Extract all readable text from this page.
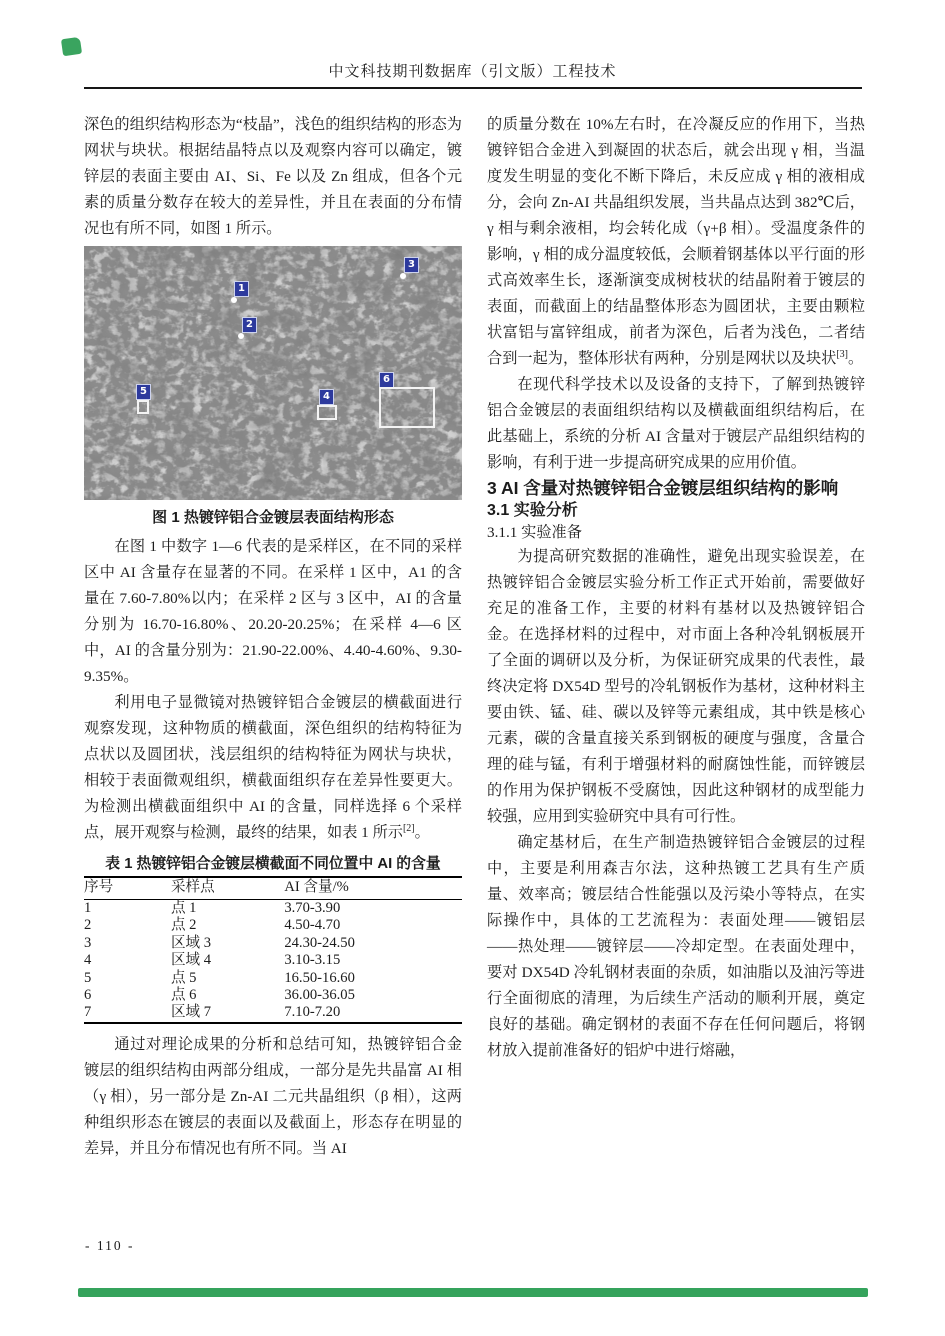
中文科技期刊数据库（引文版）工程技术

深色的组织结构形态为“枝晶”，浅色的组织结构的形态为网状与块状。根据结晶特点以及观察内容可以确定，镀锌层的表面主要由 AI、Si、Fe 以及 Zn 组成，但各个元素的质量分数存在较大的差异性，并且在表面的分布情况也有所不同，如图 1 所示。

1
2
3
4
5
6
图 1 热镀锌铝合金镀层表面结构形态

在图 1 中数字 1—6 代表的是采样区，在不同的采样区中 AI 含量存在显著的不同。在采样 1 区中，A1 的含量在 7.60-7.80%以内；在采样 2 区与 3 区中，AI 的含量分别为 16.70-16.80%、20.20-20.25%；在采样 4—6 区中，AI 的含量分别为：21.90-22.00%、4.40-4.60%、9.30-9.35%。

利用电子显微镜对热镀锌铝合金镀层的横截面进行观察发现，这种物质的横截面，深色组织的结构特征为点状以及圆团状，浅层组织的结构特征为网状与块状，相较于表面微观组织，横截面组织存在差异性要更大。为检测出横截面组织中 AI 的含量，同样选择 6 个采样点，展开观察与检测，最终的结果，如表 1 所示[2]。

表 1 热镀锌铝合金镀层横截面不同位置中 AI 的含量
序号	采样点	AI 含量/%
1	点 1	3.70-3.90
2	点 2	4.50-4.70
3	区域 3	24.30-24.50
4	区域 4	3.10-3.15
5	点 5	16.50-16.60
6	点 6	36.00-36.05
7	区域 7	7.10-7.20

通过对理论成果的分析和总结可知，热镀锌铝合金镀层的组织结构由两部分组成，一部分是先共晶富 AI 相（γ 相），另一部分是 Zn-AI 二元共晶组织（β 相），这两种组织形态在镀层的表面以及截面上，形态存在明显的差异，并且分布情况也有所不同。当 AI

的质量分数在 10%左右时，在冷凝反应的作用下，当热镀锌铝合金进入到凝固的状态后，就会出现 γ 相，当温度发生明显的变化不断下降后，未反应成 γ 相的液相成分，会向 Zn-AI 共晶组织发展，当共晶点达到 382℃后，γ 相与剩余液相，均会转化成（γ+β 相）。受温度条件的影响，γ 相的成分温度较低，会顺着钢基体以平行面的形式高效率生长，逐渐演变成树枝状的结晶附着于镀层的表面，而截面上的结晶整体形态为圆团状，主要由颗粒状富铝与富锌组成，前者为深色，后者为浅色，二者结合到一起为，整体形状有两种，分别是网状以及块状[3]。

在现代科学技术以及设备的支持下，了解到热镀锌铝合金镀层的表面组织结构以及横截面组织结构后，在此基础上，系统的分析 AI 含量对于镀层产品组织结构的影响，有利于进一步提高研究成果的应用价值。

3 AI 含量对热镀锌铝合金镀层组织结构的影响

3.1 实验分析

3.1.1 实验准备

为提高研究数据的准确性，避免出现实验误差，在热镀锌铝合金镀层实验分析工作正式开始前，需要做好充足的准备工作，主要的材料有基材以及热镀锌铝合金。在选择材料的过程中，对市面上各种冷轧钢板展开了全面的调研以及分析，为保证研究成果的代表性，最终决定将 DX54D 型号的冷轧钢板作为基材，这种材料主要由铁、锰、硅、碳以及锌等元素组成，其中铁是核心元素，碳的含量直接关系到钢板的硬度与强度，含量合理的硅与锰，有利于增强材料的耐腐蚀性能，而锌镀层的作用为保护钢板不受腐蚀，因此这种钢材的成型能力较强，应用到实验研究中具有可行性。

确定基材后，在生产制造热镀锌铝合金镀层的过程中，主要是利用森吉尔法，这种热镀工艺具有生产质量、效率高；镀层结合性能强以及污染小等特点，在实际操作中，具体的工艺流程为：表面处理——镀铝层——热处理——镀锌层——冷却定型。在表面处理中，要对 DX54D 冷轧钢材表面的杂质，如油脂以及油污等进行全面彻底的清理，为后续生产活动的顺利开展，奠定良好的基础。确定钢材的表面不存在任何问题后，将钢材放入提前准备好的铝炉中进行熔融，

- 110 -
